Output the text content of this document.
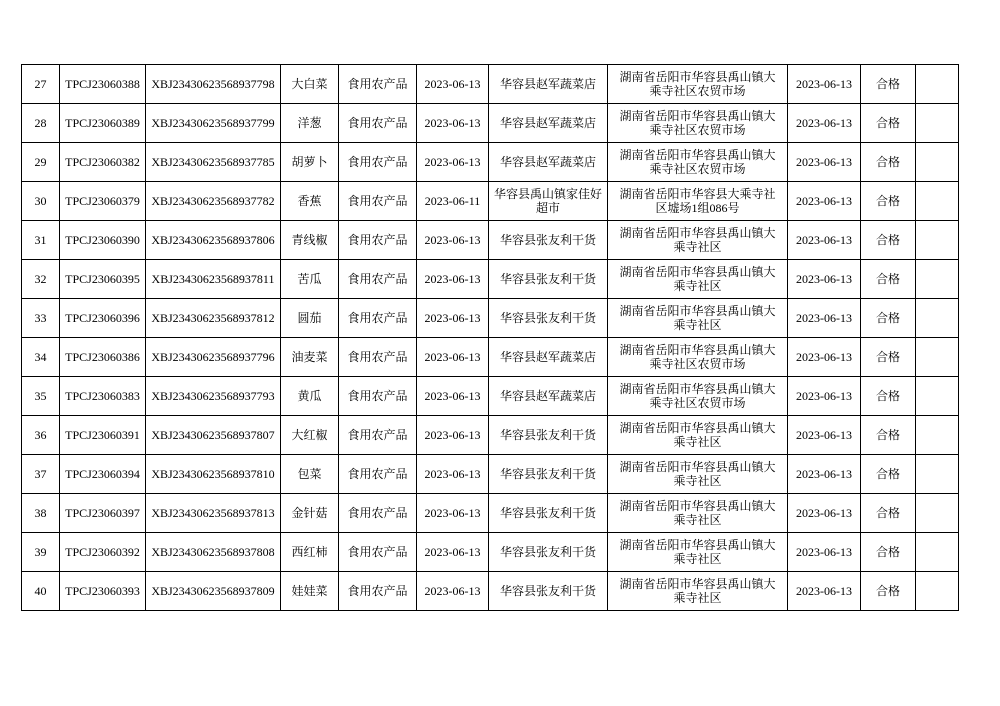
27	TPCJ23060388	XBJ23430623568937798	大白菜	食用农产品	2023-06-13	华容县赵军蔬菜店	湖南省岳阳市华容县禹山镇大乘寺社区农贸市场	2023-06-13	合格	
28	TPCJ23060389	XBJ23430623568937799	洋葱	食用农产品	2023-06-13	华容县赵军蔬菜店	湖南省岳阳市华容县禹山镇大乘寺社区农贸市场	2023-06-13	合格	
29	TPCJ23060382	XBJ23430623568937785	胡萝卜	食用农产品	2023-06-13	华容县赵军蔬菜店	湖南省岳阳市华容县禹山镇大乘寺社区农贸市场	2023-06-13	合格	
30	TPCJ23060379	XBJ23430623568937782	香蕉	食用农产品	2023-06-11	华容县禹山镇家佳好超市	湖南省岳阳市华容县大乘寺社区墟场1组086号	2023-06-13	合格	
31	TPCJ23060390	XBJ23430623568937806	青线椒	食用农产品	2023-06-13	华容县张友利干货	湖南省岳阳市华容县禹山镇大乘寺社区	2023-06-13	合格	
32	TPCJ23060395	XBJ23430623568937811	苦瓜	食用农产品	2023-06-13	华容县张友利干货	湖南省岳阳市华容县禹山镇大乘寺社区	2023-06-13	合格	
33	TPCJ23060396	XBJ23430623568937812	圆茄	食用农产品	2023-06-13	华容县张友利干货	湖南省岳阳市华容县禹山镇大乘寺社区	2023-06-13	合格	
34	TPCJ23060386	XBJ23430623568937796	油麦菜	食用农产品	2023-06-13	华容县赵军蔬菜店	湖南省岳阳市华容县禹山镇大乘寺社区农贸市场	2023-06-13	合格	
35	TPCJ23060383	XBJ23430623568937793	黄瓜	食用农产品	2023-06-13	华容县赵军蔬菜店	湖南省岳阳市华容县禹山镇大乘寺社区农贸市场	2023-06-13	合格	
36	TPCJ23060391	XBJ23430623568937807	大红椒	食用农产品	2023-06-13	华容县张友利干货	湖南省岳阳市华容县禹山镇大乘寺社区	2023-06-13	合格	
37	TPCJ23060394	XBJ23430623568937810	包菜	食用农产品	2023-06-13	华容县张友利干货	湖南省岳阳市华容县禹山镇大乘寺社区	2023-06-13	合格	
38	TPCJ23060397	XBJ23430623568937813	金针菇	食用农产品	2023-06-13	华容县张友利干货	湖南省岳阳市华容县禹山镇大乘寺社区	2023-06-13	合格	
39	TPCJ23060392	XBJ23430623568937808	西红柿	食用农产品	2023-06-13	华容县张友利干货	湖南省岳阳市华容县禹山镇大乘寺社区	2023-06-13	合格	
40	TPCJ23060393	XBJ23430623568937809	娃娃菜	食用农产品	2023-06-13	华容县张友利干货	湖南省岳阳市华容县禹山镇大乘寺社区	2023-06-13	合格	
